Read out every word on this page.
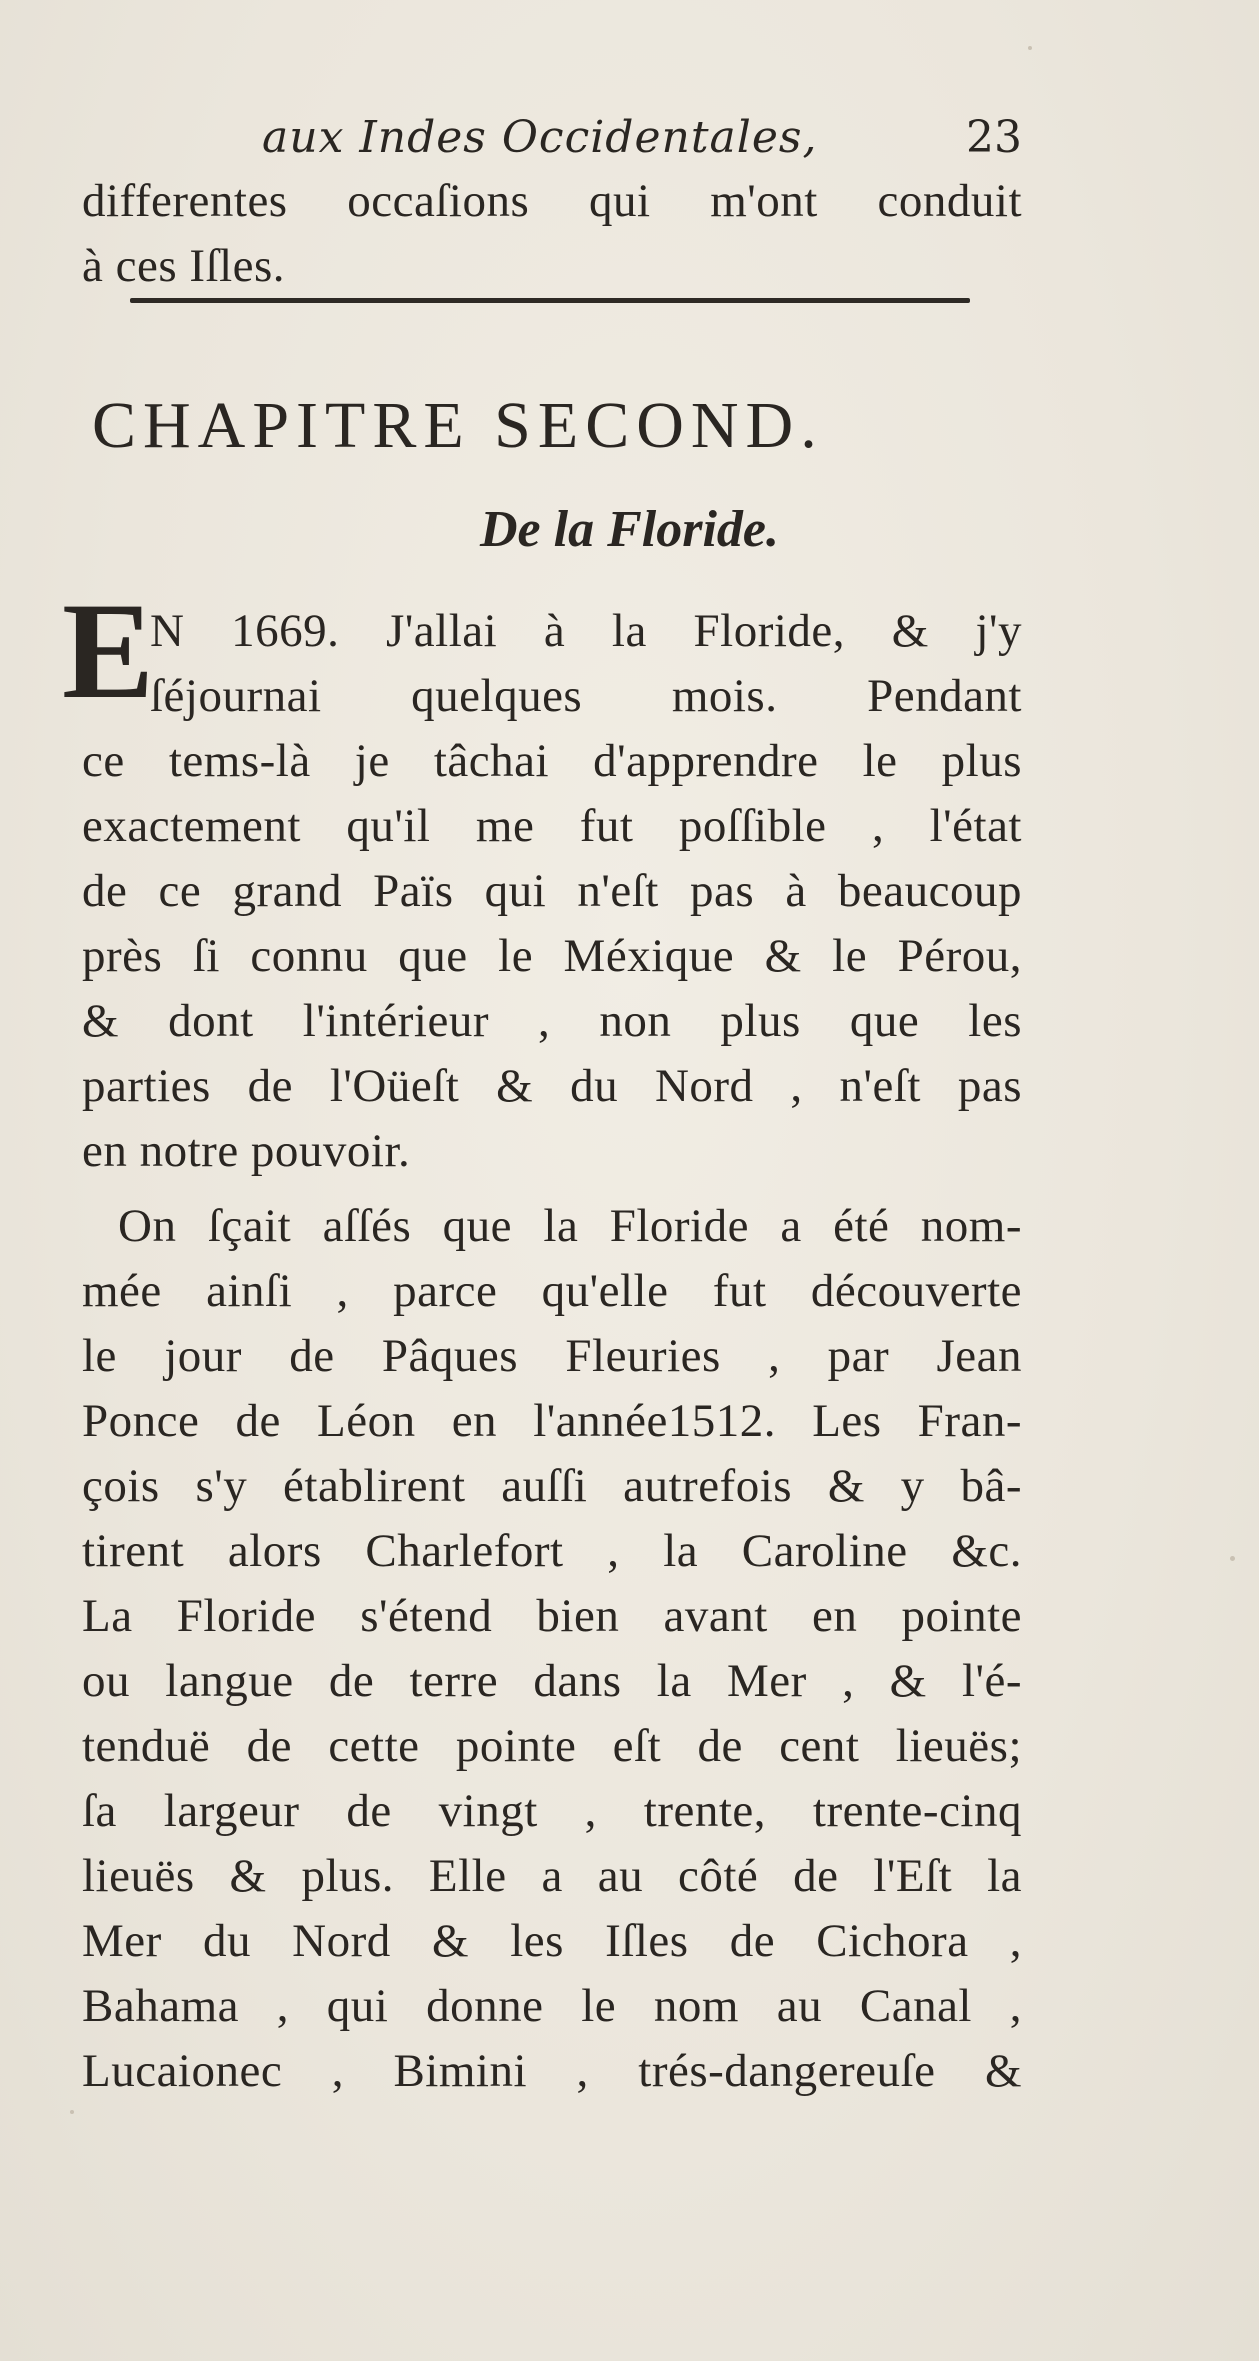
aux Indes Occidentales,	23
differentes occaſions qui m'ont conduit
à ces Iſles.
CHAPITRE SECOND.
De la Floride.
E
N 1669. J'allai à la Floride, & j'y
ſéjournai quelques mois. Pendant
ce tems-là je tâchai d'apprendre le plus
exactement qu'il me fut poſſible , l'état
de ce grand Païs qui n'eſt pas à beaucoup
près ſi connu que le Méxique & le Pérou,
& dont l'intérieur , non plus que les
parties de l'Oüeſt & du Nord , n'eſt pas
en notre pouvoir.
On ſçait aſſés que la Floride a été nom-
mée ainſi , parce qu'elle fut découverte
le jour de Pâques Fleuries , par Jean
Ponce de Léon en l'année1512. Les Fran-
çois s'y établirent auſſi autrefois & y bâ-
tirent alors Charlefort , la Caroline &c.
La Floride s'étend bien avant en pointe
ou langue de terre dans la Mer , & l'é-
tenduë de cette pointe eſt de cent lieuës;
ſa largeur de vingt , trente, trente-cinq
lieuës & plus. Elle a au côté de l'Eſt la
Mer du Nord & les Iſles de Cichora ,
Bahama , qui donne le nom au Canal ,
Lucaionec , Bimini , trés-dangereuſe &
